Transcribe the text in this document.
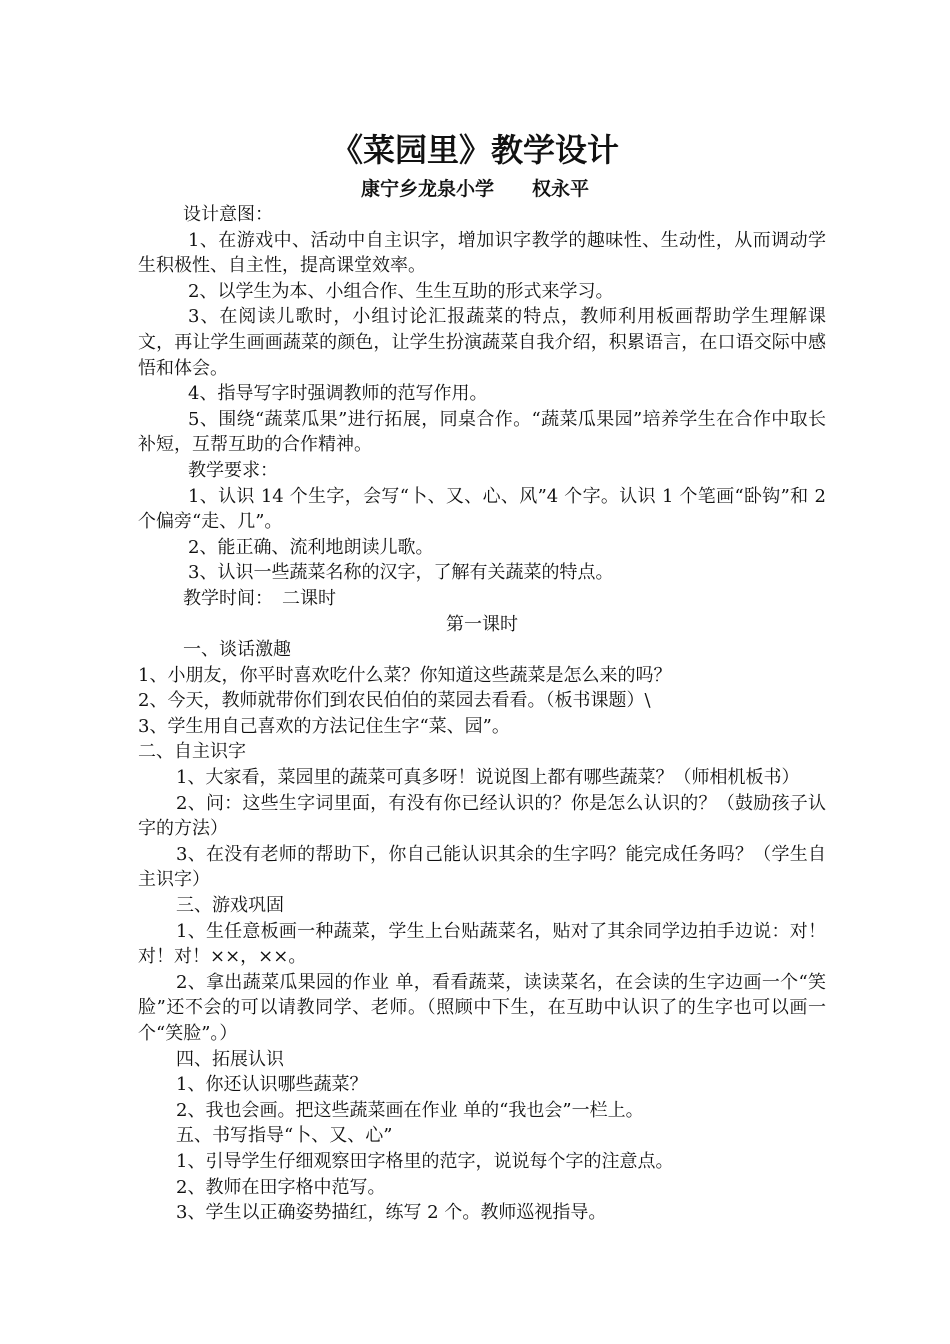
《菜园里》教学设计
康宁乡龙泉小学　　权永平

设计意图：

1、在游戏中、活动中自主识字，增加识字教学的趣味性、生动性，从而调动学生积极性、自主性，提高课堂效率。

2、以学生为本、小组合作、生生互助的形式来学习。

3、在阅读儿歌时，小组讨论汇报蔬菜的特点，教师利用板画帮助学生理解课文，再让学生画画蔬菜的颜色，让学生扮演蔬菜自我介绍，积累语言，在口语交际中感悟和体会。

4、指导写字时强调教师的范写作用。

5、围绕“蔬菜瓜果”进行拓展，同桌合作。“蔬菜瓜果园”培养学生在合作中取长补短，互帮互助的合作精神。

教学要求：

1、认识 14 个生字，会写“卜、又、心、风”4 个字。认识 1 个笔画“卧钩”和 2 个偏旁“走、几”。

2、能正确、流利地朗读儿歌。

3、认识一些蔬菜名称的汉字，了解有关蔬菜的特点。

教学时间：　二课时

第一课时

一、谈话激趣

1、小朋友，你平时喜欢吃什么菜？你知道这些蔬菜是怎么来的吗？

2、今天，教师就带你们到农民伯伯的菜园去看看。（板书课题）\

3、学生用自己喜欢的方法记住生字“菜、园”。

二、自主识字

1、大家看，菜园里的蔬菜可真多呀！说说图上都有哪些蔬菜？（师相机板书）

2、问：这些生字词里面，有没有你已经认识的？你是怎么认识的？（鼓励孩子认字的方法）

3、在没有老师的帮助下，你自己能认识其余的生字吗？能完成任务吗？（学生自主识字）

三、游戏巩固

1、生任意板画一种蔬菜，学生上台贴蔬菜名，贴对了其余同学边拍手边说：对！对！对！××，××。

2、拿出蔬菜瓜果园的作业 单，看看蔬菜，读读菜名，在会读的生字边画一个“笑脸”还不会的可以请教同学、老师。（照顾中下生，在互助中认识了的生字也可以画一个“笑脸”。）

四、拓展认识

1、你还认识哪些蔬菜？

2、我也会画。把这些蔬菜画在作业 单的“我也会”一栏上。

五、书写指导“卜、又、心”

1、引导学生仔细观察田字格里的范字，说说每个字的注意点。

2、教师在田字格中范写。

3、学生以正确姿势描红，练写 2 个。教师巡视指导。
